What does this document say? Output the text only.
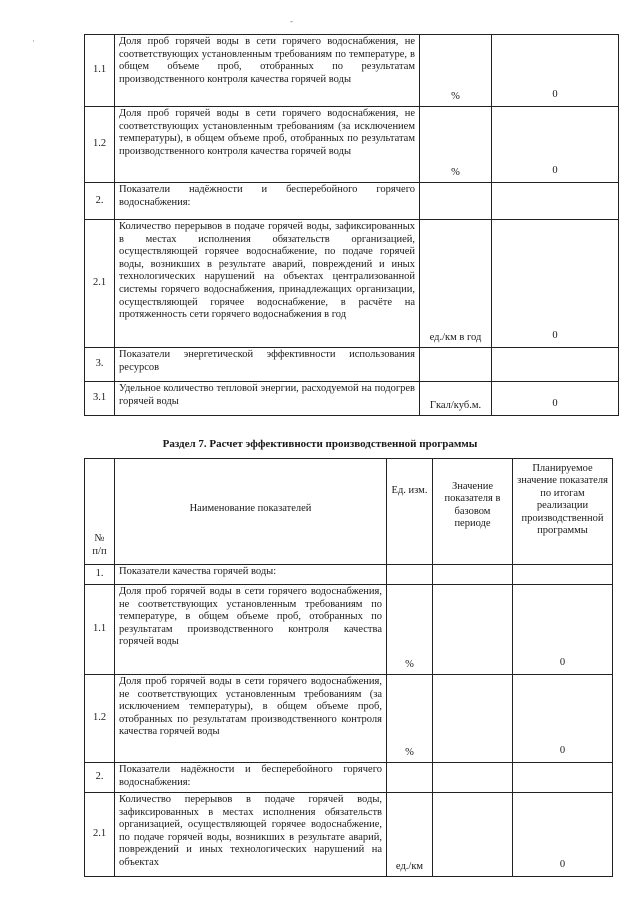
-
·
1.1	Доля проб горячей воды в сети горячего водоснабжения, не соответствующих установленным требованиям по температуре, в общем объеме проб, отобранных по результатам производственного контроля качества горячей воды	%	0
1.2	Доля проб горячей воды в сети горячего водоснабжения, не соответствующих установленным требованиям (за исключением температуры), в общем объеме проб, отобранных по результатам производственного контроля качества горячей воды	%	0
2.	Показатели надёжности и бесперебойного горячего водоснабжения:		
2.1	Количество перерывов в подаче горячей воды, зафиксированных в местах исполнения обязательств организацией, осуществляющей горячее водоснабжение, по подаче горячей воды, возникших в результате аварий, повреждений и иных технологических нарушений на объектах централизованной системы горячего водоснабжения, принадлежащих организации, осуществляющей горячее водоснабжение, в расчёте на протяженность сети горячего водоснабжения в год	ед./км в год	0
3.	Показатели энергетической эффективности использования ресурсов		
3.1	Удельное количество тепловой энергии, расходуемой на подогрев горячей воды	Гкал/куб.м.	0
Раздел 7. Расчет эффективности производственной программы
№ п/п	Наименование показателей	Ед. изм.	Значение показателя в базовом периоде	Планируемое значение показателя по итогам реализации производственной программы
1.	Показатели качества горячей воды:			
1.1	Доля проб горячей воды в сети горячего водоснабжения, не соответствующих установленным требованиям по температуре, в общем объеме проб, отобранных по результатам производственного контроля качества горячей воды	%		0
1.2	Доля проб горячей воды в сети горячего водоснабжения, не соответствующих установленным требованиям (за исключением температуры), в общем объеме проб, отобранных по результатам производственного контроля качества горячей воды	%		0
2.	Показатели надёжности и бесперебойного горячего водоснабжения:			
2.1	Количество перерывов в подаче горячей воды, зафиксированных в местах исполнения обязательств организацией, осуществляющей горячее водоснабжение, по подаче горячей воды, возникших в результате аварий, повреждений и иных технологических нарушений на объектах	ед./км		0
